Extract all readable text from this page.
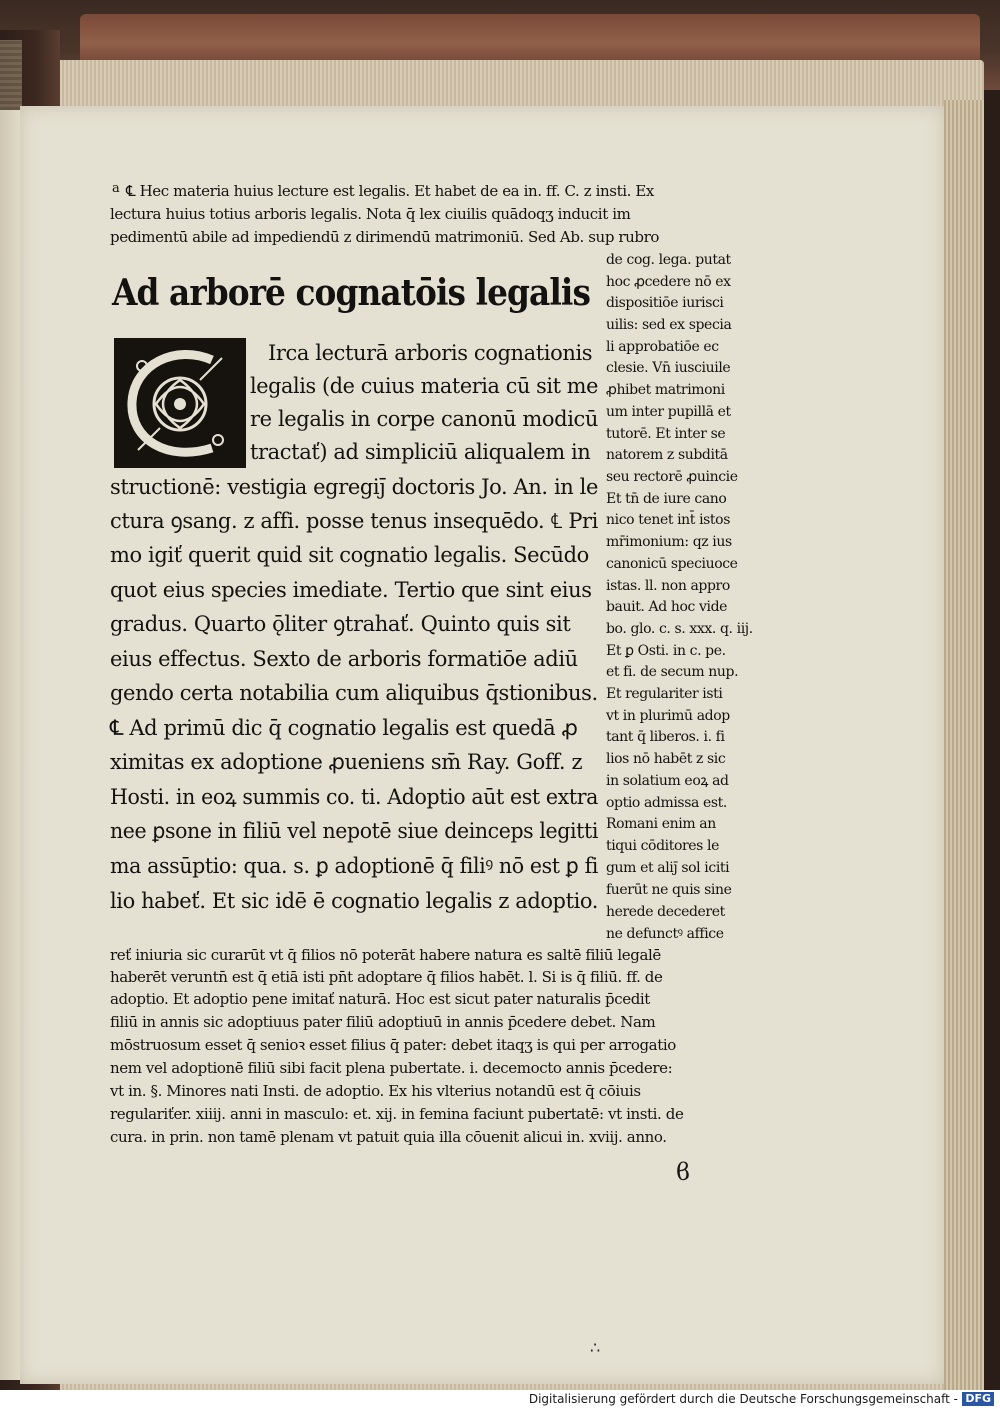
a ℄ Hec materia huius lecture est legalis. Et habet de ea in. ff. C. z insti. Ex
lectura huius totius arboris legalis. Nota q̄ lex ciuilis quādoqʒ inducit im
pedimentū abile ad impediendū z dirimendū matrimoniū. Sed Ab. sup rubro
Ad arborē cognatōis legalis
Irca lecturā arboris cognationis
legalis (de cuius materia cū sit me
re legalis in corpe canonū modicū
tractať) ad simpliciū aliqualem in
structionē: vestigia egregiȷ̄ doctoris Jo. An. in le
ctura ꝯsang. z affi. posse tenus insequēdo. ℄ Pri
mo igiť querit quid sit cognatio legalis. Secūdo
quot eius species imediate. Tertio que sint eius
gradus. Quarto ǭliter ꝯtrahať. Quinto quis sit
eius effectus. Sexto de arboris formatiōe adiū
gendo certa notabilia cum aliquibus q̄stionibus.
℄ Ad primū dic q̄ cognatio legalis est quedā ꝓ
ximitas ex adoptione ꝓueniens sm̄ Ray. Goff. z
Hosti. in eoꝝ summis co. ti. Adoptio aūt est extra
nee ꝑsone in filiū vel nepotē siue deinceps legitti
ma assūptio: qua. s. ꝑ adoptionē q̄ filiꝰ nō est ꝑ fi
lio habeť. Et sic idē ē cognatio legalis z adoptio.
de cog. lega. putat
hoc ꝓcedere nō ex
dispositiōe iurisci
uilis: sed ex specia
li approbatiōe ec
clesie. Vn̄ iusciuile
ꝓhibet matrimoni
um inter pupillā et
tutorē. Et inter se
natorem z subditā
seu rectorē ꝓuincie
Et tn̄ de iure cano
nico tenet int̄ istos
mr̄imonium: qz ius
canonicū speciuoce
istas. ll. non appro
bauit. Ad hoc vide
bo. glo. c. s. xxx. q. iij.
Et ꝑ Osti. in c. pe.
et fi. de secum nup.
Et regulariter isti
vt in plurimū adop
tant q̄ liberos. i. fi
lios nō habēt z sic
in solatium eoꝝ ad
optio admissa est.
Romani enim an
tiqui cōditores le
gum et aliȷ̄ sol iciti
fuerūt ne quis sine
herede decederet
ne defunctꝰ affice
reť iniuria sic curarūt vt q̄ filios nō poterāt habere natura es saltē filiū legalē
haberēt veruntn̄ est q̄ etiā isti pn̄t adoptare q̄ filios habēt. l. Si is q̄ filiū. ff. de
adoptio. Et adoptio pene imitať naturā. Hoc est sicut pater naturalis p̄cedit
filiū in annis sic adoptiuus pater filiū adoptiuū in annis p̄cedere debet. Nam
mōstruosum esset q̄ senioꝛ esset filius q̄ pater: debet itaqʒ is qui per arrogatio
nem vel adoptionē filiū sibi facit plena pubertate. i. decemocto annis p̄cedere:
vt in. §. Minores nati Insti. de adoptio. Ex his vlterius notandū est q̄ cōiuis
regulariťer. xiiij. anni in masculo: et. xij. in femina faciunt pubertatē: vt insti. de
cura. in prin. non tamē plenam vt patuit quia illa cōuenit alicui in. xviij. anno.
ϐ
∴
Digitalisierung gefördert durch die Deutsche Forschungsgemeinschaft - DFG
